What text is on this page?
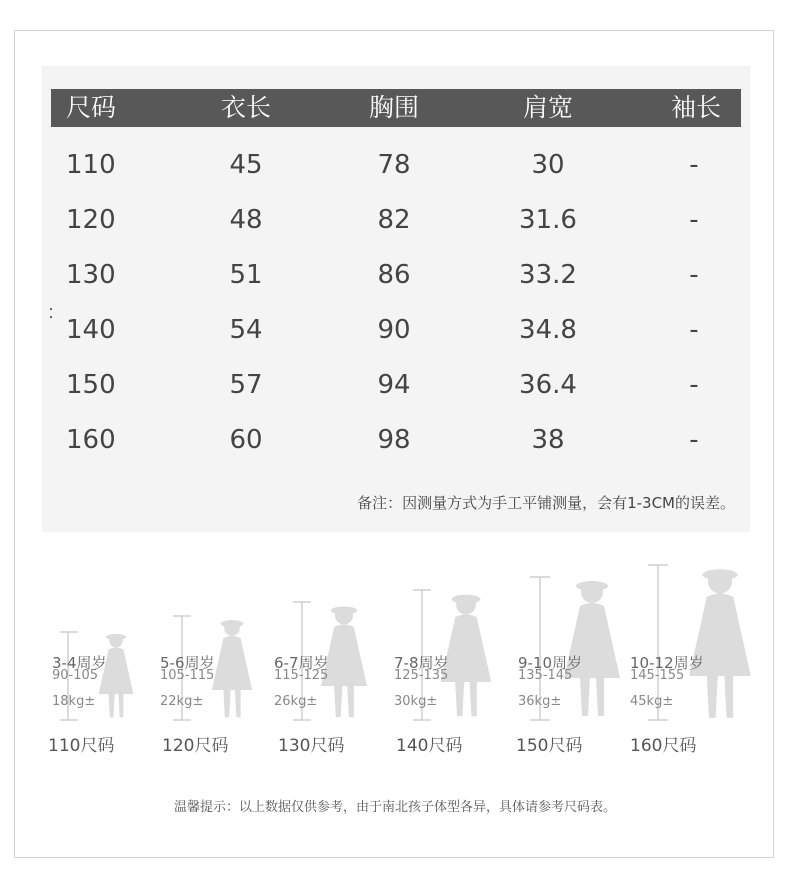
尺码	衣长	胸围	肩宽	袖长
110	45	78	30	-
120	48	82	31.6	-
130	51	86	33.2	-
140	54	90	34.8	-
150	57	94	36.4	-
160	60	98	38	-
备注：因测量方式为手工平铺测量，会有1-3CM的误差。
3-4周岁
90-105
18kg±
110尺码
5-6周岁
105-115
22kg±
120尺码
6-7周岁
115-125
26kg±
130尺码
7-8周岁
125-135
30kg±
140尺码
9-10周岁
135-145
36kg±
150尺码
10-12周岁
145-155
45kg±
160尺码
温馨提示：以上数据仅供参考，由于南北孩子体型各异，具体请参考尺码表。
